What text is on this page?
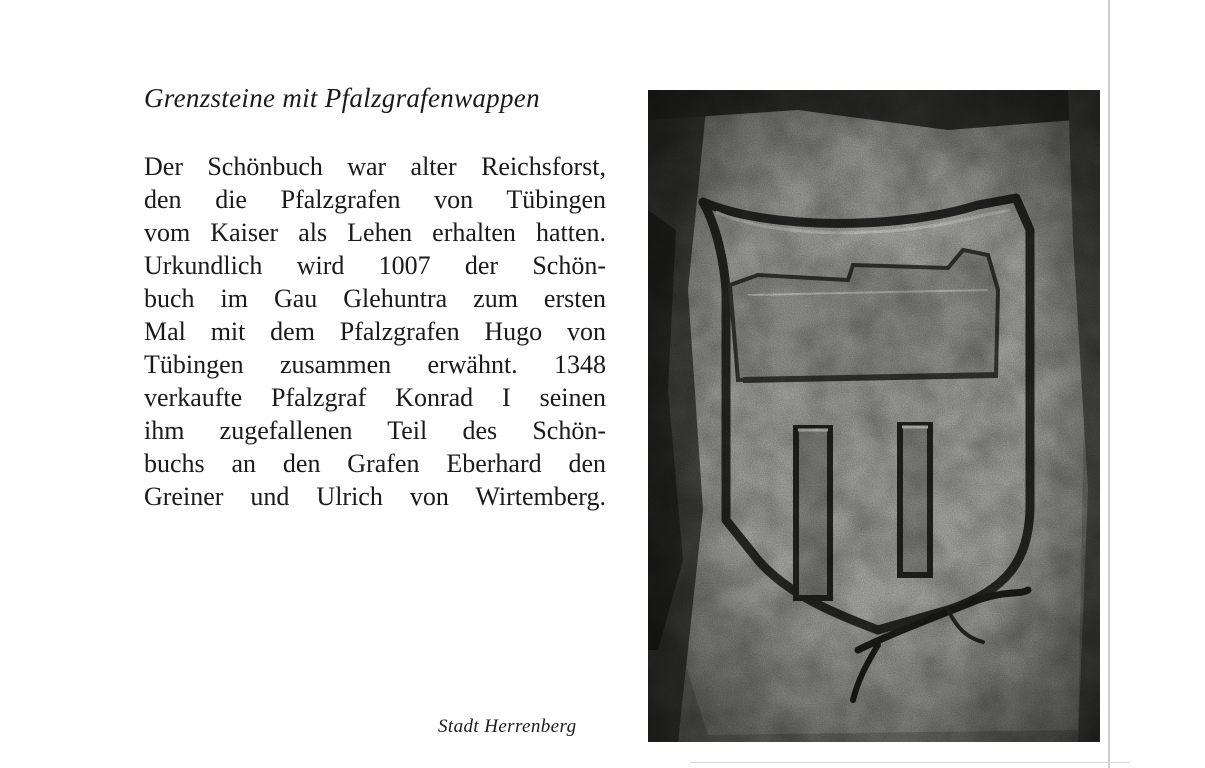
Grenzsteine mit Pfalzgrafenwappen
Der Schönbuch war alter Reichsforst,
den die Pfalzgrafen von Tübingen
vom Kaiser als Lehen erhalten hatten.
Urkundlich wird 1007 der Schön-
buch im Gau Glehuntra zum ersten
Mal mit dem Pfalzgrafen Hugo von
Tübingen zusammen erwähnt. 1348
verkaufte Pfalzgraf Konrad I seinen
ihm zugefallenen Teil des Schön-
buchs an den Grafen Eberhard den
Greiner und Ulrich von Wirtemberg.
Stadt Herrenberg
